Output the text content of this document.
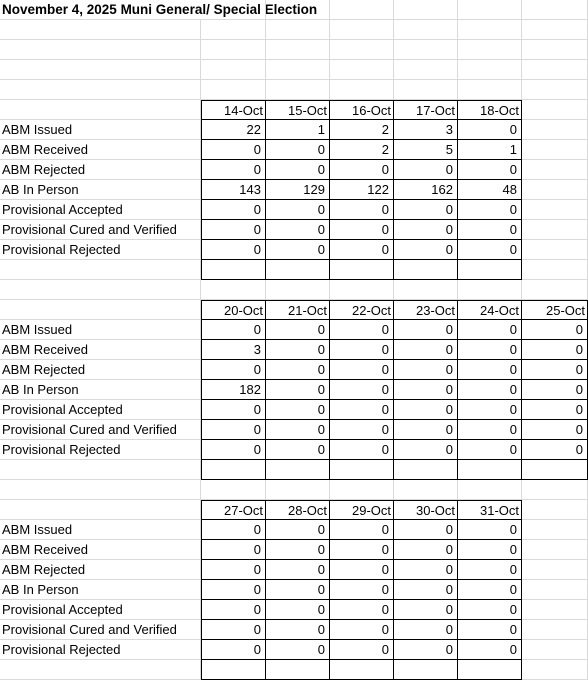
November 4, 2025 Muni General/ Special Election
14-Oct	15-Oct	16-Oct	17-Oct	18-Oct
ABM Issued	22	1	2	3	0
ABM Received	0	0	2	5	1
ABM Rejected	0	0	0	0	0
AB In Person	143	129	122	162	48
Provisional Accepted	0	0	0	0	0
Provisional Cured and Verified	0	0	0	0	0
Provisional Rejected	0	0	0	0	0
20-Oct	21-Oct	22-Oct	23-Oct	24-Oct	25-Oct
ABM Issued	0	0	0	0	0	0
ABM Received	3	0	0	0	0	0
ABM Rejected	0	0	0	0	0	0
AB In Person	182	0	0	0	0	0
Provisional Accepted	0	0	0	0	0	0
Provisional Cured and Verified	0	0	0	0	0	0
Provisional Rejected	0	0	0	0	0	0
27-Oct	28-Oct	29-Oct	30-Oct	31-Oct
ABM Issued	0	0	0	0	0
ABM Received	0	0	0	0	0
ABM Rejected	0	0	0	0	0
AB In Person	0	0	0	0	0
Provisional Accepted	0	0	0	0	0
Provisional Cured and Verified	0	0	0	0	0
Provisional Rejected	0	0	0	0	0
